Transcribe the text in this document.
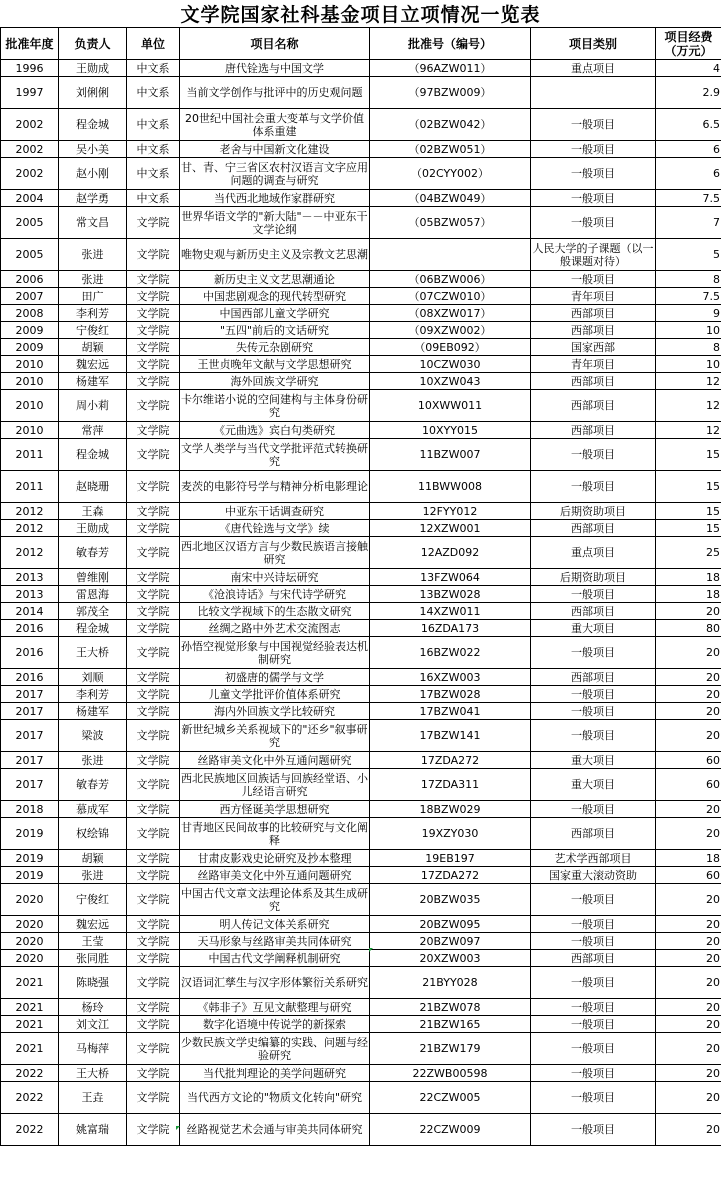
文学院国家社科基金项目立项情况一览表
批准年度	负责人	单位	项目名称	批准号（编号）	项目类别	项目经费（万元）
1996	王勋成	中文系	唐代铨选与中国文学	（96AZW011）	重点项目	4
1997	刘俐俐	中文系	当前文学创作与批评中的历史观问题	（97BZW009）		2.9
2002	程金城	中文系	20世纪中国社会重大变革与文学价值体系重建	（02BZW042）	一般项目	6.5
2002	吴小美	中文系	老舍与中国新文化建设	（02BZW051）	一般项目	6
2002	赵小刚	中文系	甘、青、宁三省区农村汉语言文字应用问题的调查与研究	（02CYY002）	一般项目	6
2004	赵学勇	中文系	当代西北地域作家群研究	（04BZW049）	一般项目	7.5
2005	常文昌	文学院	世界华语文学的"新大陆"－－中亚东干文学论纲	（05BZW057）	一般项目	7
2005	张进	文学院	唯物史观与新历史主义及宗教文艺思潮		人民大学的子课题（以一般课题对待）	5
2006	张进	文学院	新历史主义文艺思潮通论	（06BZW006）	一般项目	8
2007	田广	文学院	中国悲剧观念的现代转型研究	（07CZW010）	青年项目	7.5
2008	李利芳	文学院	中国西部儿童文学研究	（08XZW017）	西部项目	9
2009	宁俊红	文学院	"五四"前后的文话研究	（09XZW002）	西部项目	10
2009	胡颖	文学院	失传元杂剧研究	（09EB092）	国家西部	8
2010	魏宏远	文学院	王世贞晚年文献与文学思想研究	10CZW030	青年项目	10
2010	杨建军	文学院	海外回族文学研究	10XZW043	西部项目	12
2010	周小莉	文学院	卡尔维诺小说的空间建构与主体身份研究	10XWW011	西部项目	12
2010	常萍	文学院	《元曲选》宾白句类研究	10XYY015	西部项目	12
2011	程金城	文学院	文学人类学与当代文学批评范式转换研究	11BZW007	一般项目	15
2011	赵晓珊	文学院	麦茨的电影符号学与精神分析电影理论	11BWW008	一般项目	15
2012	王森	文学院	中亚东干话调查研究	12FYY012	后期资助项目	15
2012	王勋成	文学院	《唐代铨选与文学》续	12XZW001	西部项目	15
2012	敏春芳	文学院	西北地区汉语方言与少数民族语言接触研究	12AZD092	重点项目	25
2013	曾维刚	文学院	南宋中兴诗坛研究	13FZW064	后期资助项目	18
2013	雷恩海	文学院	《沧浪诗话》与宋代诗学研究	13BZW028	一般项目	18
2014	郭茂全	文学院	比较文学视域下的生态散文研究	14XZW011	西部项目	20
2016	程金城	文学院	丝绸之路中外艺术交流图志	16ZDA173	重大项目	80
2016	王大桥	文学院	孙悟空视觉形象与中国视觉经验表达机制研究	16BZW022	一般项目	20
2016	刘顺	文学院	初盛唐的儒学与文学	16XZW003	西部项目	20
2017	李利芳	文学院	儿童文学批评价值体系研究	17BZW028	一般项目	20
2017	杨建军	文学院	海内外回族文学比较研究	17BZW041	一般项目	20
2017	梁波	文学院	新世纪城乡关系视域下的"还乡"叙事研究	17BZW141	一般项目	20
2017	张进	文学院	丝路审美文化中外互通问题研究	17ZDA272	重大项目	60
2017	敏春芳	文学院	西北民族地区回族话与回族经堂语、小儿经语言研究	17ZDA311	重大项目	60
2018	慕成军	文学院	西方怪诞美学思想研究	18BZW029	一般项目	20
2019	权绘锦	文学院	甘青地区民间故事的比较研究与文化阐释	19XZY030	西部项目	20
2019	胡颖	文学院	甘肃皮影戏史论研究及抄本整理	19EB197	艺术学西部项目	18
2019	张进	文学院	丝路审美文化中外互通问题研究	17ZDA272	国家重大滚动资助	60
2020	宁俊红	文学院	中国古代文章文法理论体系及其生成研究	20BZW035	一般项目	20
2020	魏宏远	文学院	明人传记文体关系研究	20BZW095	一般项目	20
2020	王莹	文学院	天马形象与丝路审美共同体研究	20BZW097	一般项目	20
2020	张同胜	文学院	中国古代文学阐释机制研究	20XZW003	西部项目	20
2021	陈晓强	文学院	汉语词汇孳生与汉字形体繁衍关系研究	21BYY028	一般项目	20
2021	杨玲	文学院	《韩非子》互见文献整理与研究	21BZW078	一般项目	20
2021	刘文江	文学院	数字化语境中传说学的新探索	21BZW165	一般项目	20
2021	马梅萍	文学院	少数民族文学史编纂的实践、问题与经验研究	21BZW179	一般项目	20
2022	王大桥	文学院	当代批判理论的美学问题研究	22ZWB00598	一般项目	20
2022	王垚	文学院	当代西方文论的"物质文化转向"研究	22CZW005	一般项目	20
2022	姚富瑞	文学院	丝路视觉艺术会通与审美共同体研究	22CZW009	一般项目	20
